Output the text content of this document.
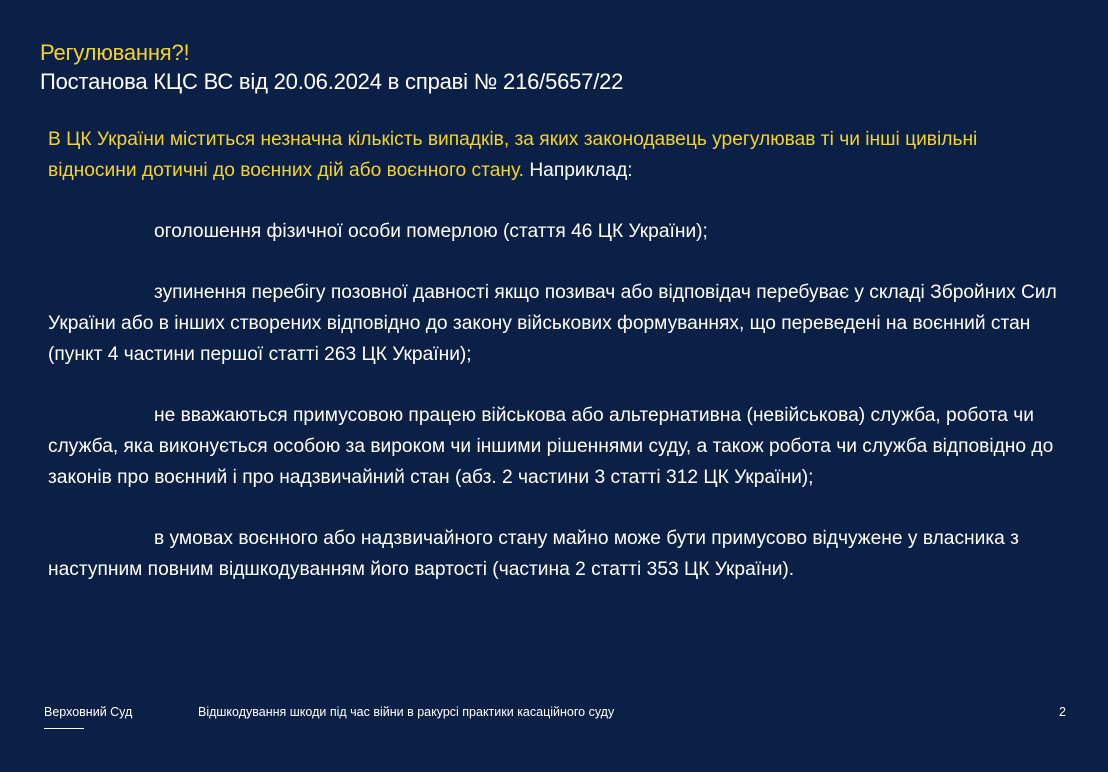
Регулювання?!
Постанова КЦС ВС від 20.06.2024 в справі № 216/5657/22

В ЦК України міститься незначна кількість випадків, за яких законодавець урегулював ті чи інші цивільні відносини дотичні до воєнних дій або воєнного стану. Наприклад:

оголошення фізичної особи померлою (стаття 46 ЦК України);

зупинення перебігу позовної давності якщо позивач або відповідач перебуває у складі Збройних Сил України або в інших створених відповідно до закону військових формуваннях, що переведені на воєнний стан (пункт 4 частини першої статті 263 ЦК України);

не вважаються примусовою працею військова або альтернативна (невійськова) служба, робота чи служба, яка виконується особою за вироком чи іншими рішеннями суду, а також робота чи служба відповідно до законів про воєнний і про надзвичайний стан (абз. 2 частини 3 статті 312 ЦК України);

в умовах воєнного або надзвичайного стану майно може бути примусово відчужене у власника з наступним повним відшкодуванням його вартості (частина 2 статті 353 ЦК України).

Верховний Суд	Відшкодування шкоди під час війни в ракурсі практики касаційного суду	2
